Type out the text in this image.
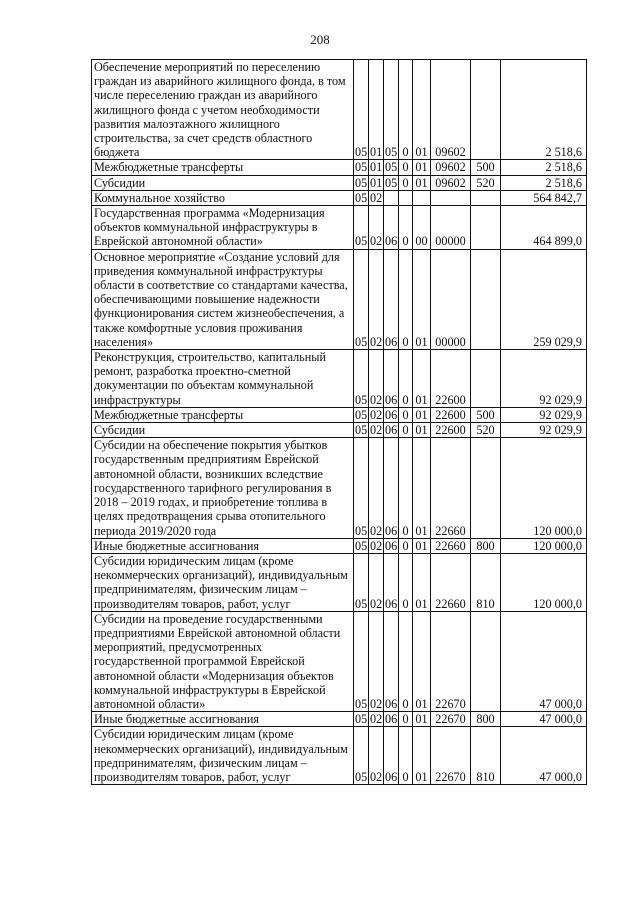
208
Обеспечение мероприятий по переселению граждан из аварийного жилищного фонда, в том числе переселению граждан из аварийного жилищного фонда с учетом необходимости развития малоэтажного жилищного строительства, за счет средств областного бюджета	05	01	05	0	01	09602		2 518,6
Межбюджетные трансферты	05	01	05	0	01	09602	500	2 518,6
Субсидии	05	01	05	0	01	09602	520	2 518,6
Коммунальное хозяйство	05	02						564 842,7
Государственная программа «Модернизация объектов коммунальной инфраструктуры в Еврейской автономной области»	05	02	06	0	00	00000		464 899,0
Основное мероприятие «Создание условий для приведения коммунальной инфраструктуры области в соответствие со стандартами качества, обеспечивающими повышение надежности функционирования систем жизнеобеспечения, а также комфортные условия проживания населения»	05	02	06	0	01	00000		259 029,9
Реконструкция, строительство, капитальный ремонт, разработка проектно-сметной документации по объектам коммунальной инфраструктуры	05	02	06	0	01	22600		92 029,9
Межбюджетные трансферты	05	02	06	0	01	22600	500	92 029,9
Субсидии	05	02	06	0	01	22600	520	92 029,9
Субсидии на обеспечение покрытия убытков государственным предприятиям Еврейской автономной области, возникших вследствие государственного тарифного регулирования в 2018 – 2019 годах, и приобретение топлива в целях предотвращения срыва отопительного периода 2019/2020 года	05	02	06	0	01	22660		120 000,0
Иные бюджетные ассигнования	05	02	06	0	01	22660	800	120 000,0
Субсидии юридическим лицам (кроме некоммерческих организаций), индивидуальным предпринимателям, физическим лицам – производителям товаров, работ, услуг	05	02	06	0	01	22660	810	120 000,0
Субсидии на проведение государственными предприятиями Еврейской автономной области мероприятий, предусмотренных государственной программой Еврейской автономной области «Модернизация объектов коммунальной инфраструктуры в Еврейской автономной области»	05	02	06	0	01	22670		47 000,0
Иные бюджетные ассигнования	05	02	06	0	01	22670	800	47 000,0
Субсидии юридическим лицам (кроме некоммерческих организаций), индивидуальным предпринимателям, физическим лицам – производителям товаров, работ, услуг	05	02	06	0	01	22670	810	47 000,0
